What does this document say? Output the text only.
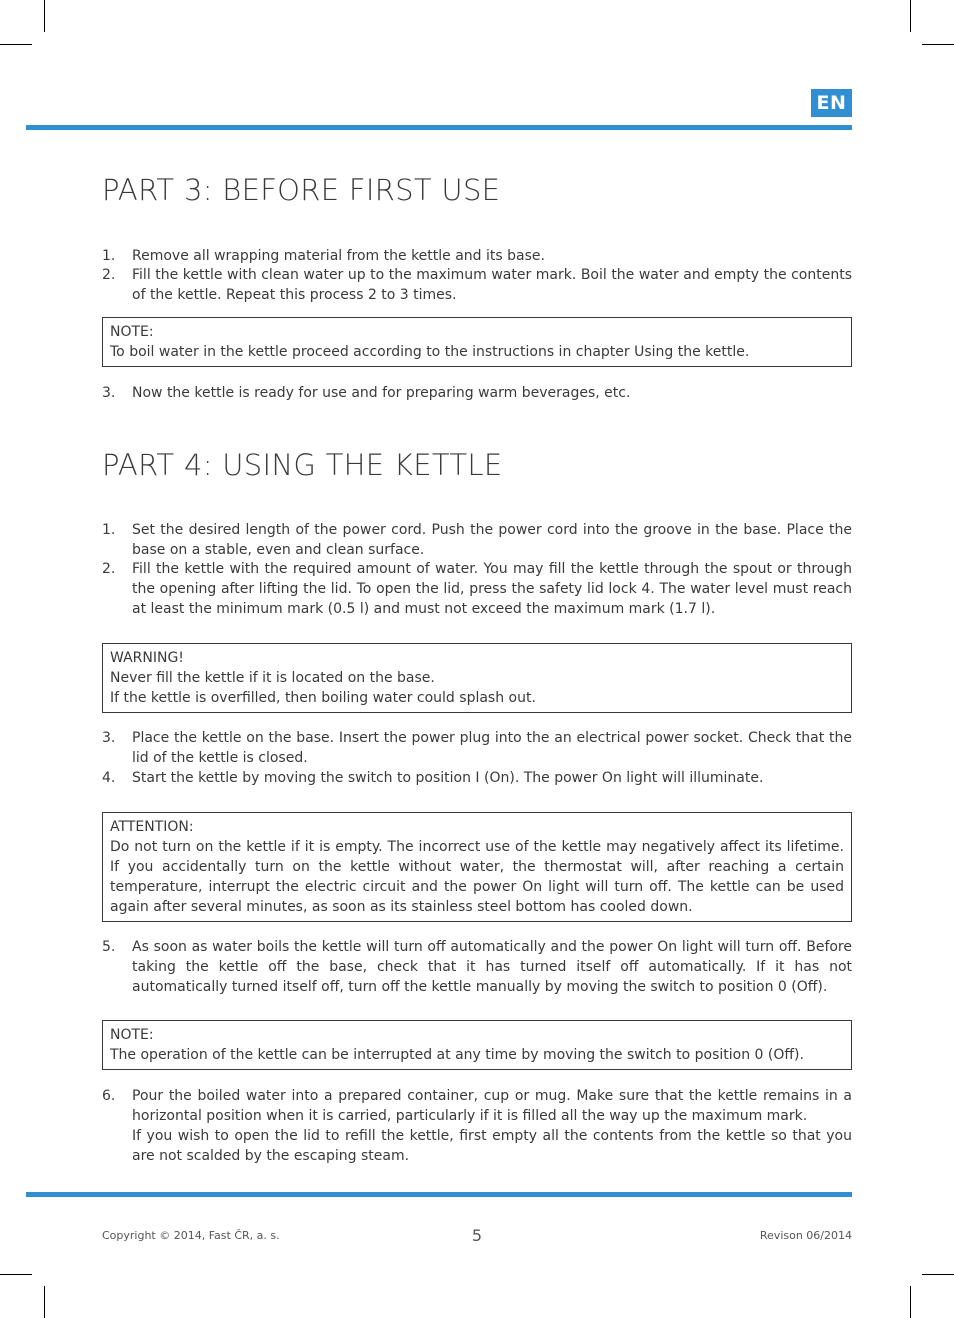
EN
PART 3: BEFORE FIRST USE
1.	Remove all wrapping material from the kettle and its base.
2.	Fill the kettle with clean water up to the maximum water mark. Boil the water and empty the contents of the kettle. Repeat this process 2 to 3 times.
NOTE:
To boil water in the kettle proceed according to the instructions in chapter Using the kettle.
3.	Now the kettle is ready for use and for preparing warm beverages, etc.
PART 4: USING THE KETTLE
1.	Set the desired length of the power cord. Push the power cord into the groove in the base. Place the base on a stable, even and clean surface.
2.	Fill the kettle with the required amount of water. You may fill the kettle through the spout or through the opening after lifting the lid. To open the lid, press the safety lid lock 4. The water level must reach at least the minimum mark (0.5 l) and must not exceed the maximum mark (1.7 l).
WARNING!
Never fill the kettle if it is located on the base.
If the kettle is overfilled, then boiling water could splash out.
3.	Place the kettle on the base. Insert the power plug into the an electrical power socket. Check that the lid of the kettle is closed.
4.	Start the kettle by moving the switch to position I (On). The power On light will illuminate.
ATTENTION:
Do not turn on the kettle if it is empty. The incorrect use of the kettle may negatively affect its lifetime. If you accidentally turn on the kettle without water, the thermostat will, after reaching a certain temperature, interrupt the electric circuit and the power On light will turn off. The kettle can be used again after several minutes, as soon as its stainless steel bottom has cooled down.
5.	As soon as water boils the kettle will turn off automatically and the power On light will turn off. Before taking the kettle off the base, check that it has turned itself off automatically. If it has not automatically turned itself off, turn off the kettle manually by moving the switch to position 0 (Off).
NOTE:
The operation of the kettle can be interrupted at any time by moving the switch to position 0 (Off).
6.	Pour the boiled water into a prepared container, cup or mug. Make sure that the kettle remains in a horizontal position when it is carried, particularly if it is filled all the way up the maximum mark.
If you wish to open the lid to refill the kettle, first empty all the contents from the kettle so that you are not scalded by the escaping steam.
Copyright © 2014, Fast ČR, a. s.	5	Revison 06/2014
